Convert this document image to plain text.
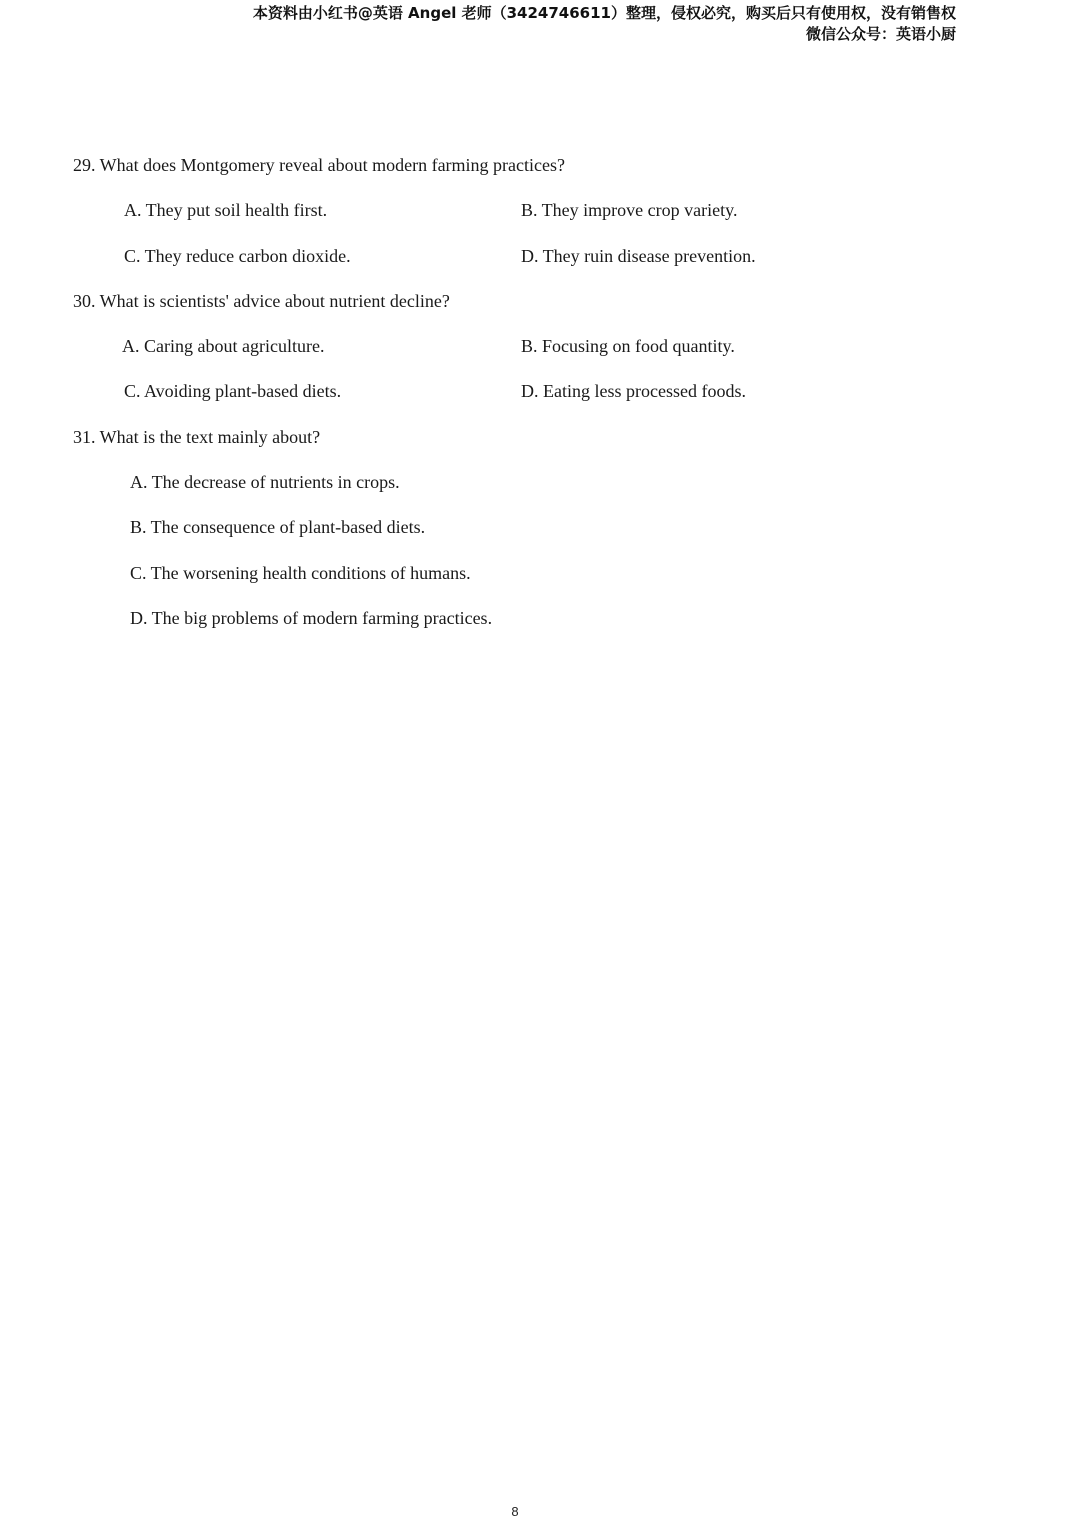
本资料由小红书@英语 Angel 老师（3424746611）整理，侵权必究，购买后只有使用权，没有销售权
微信公众号：英语小厨
29. What does Montgomery reveal about modern farming practices?
A. They put soil health first.	B. They improve crop variety.
C. They reduce carbon dioxide.	D. They ruin disease prevention.
30. What is scientists' advice about nutrient decline?
A. Caring about agriculture.	B. Focusing on food quantity.
C. Avoiding plant-based diets.	D. Eating less processed foods.
31. What is the text mainly about?
A. The decrease of nutrients in crops.
B. The consequence of plant-based diets.
C. The worsening health conditions of humans.
D. The big problems of modern farming practices.
8
